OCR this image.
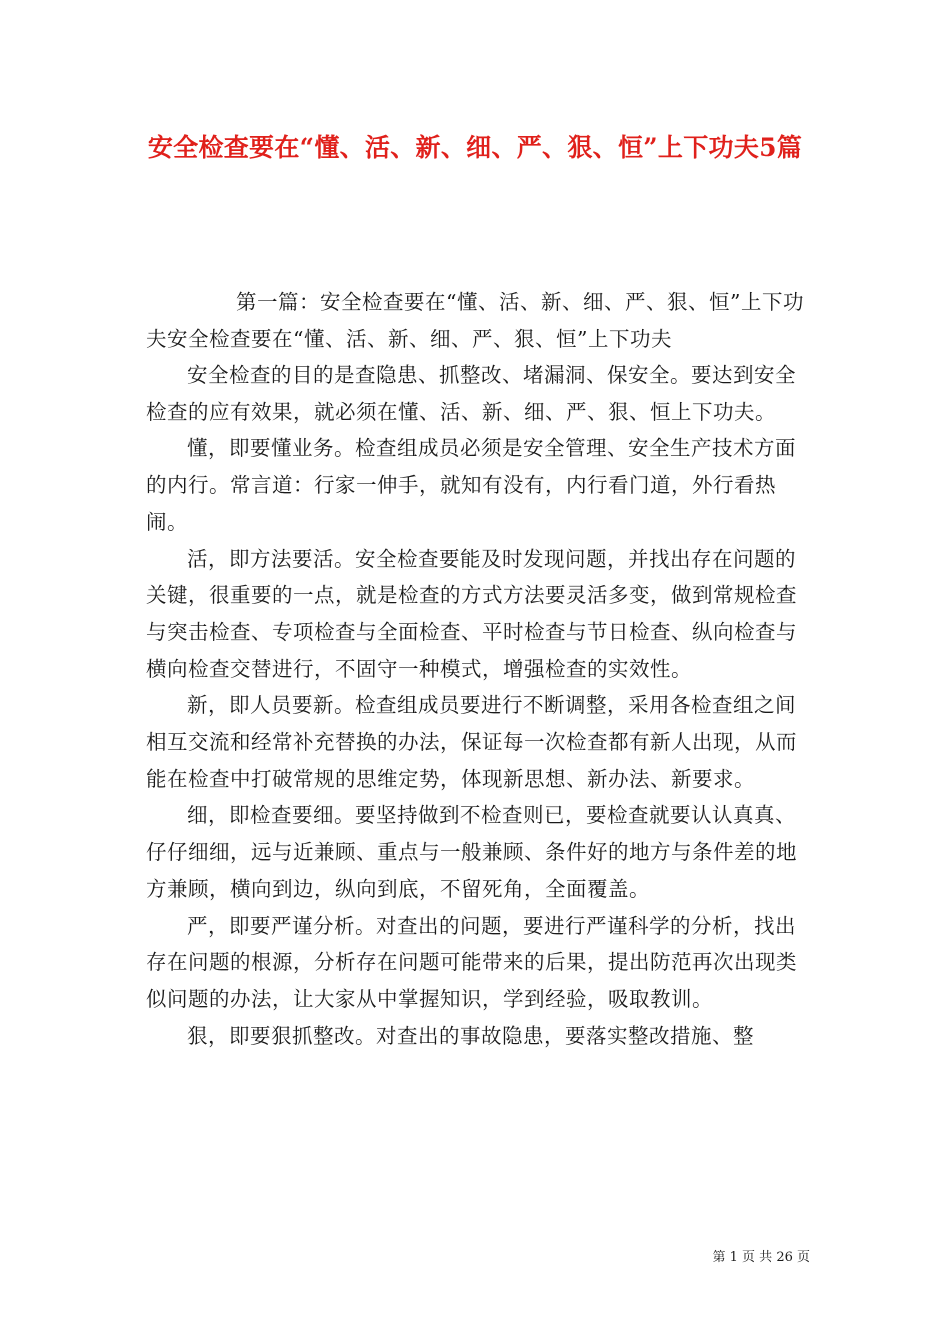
安全检查要在“懂、活、新、细、严、狠、恒”上下功夫5篇

第一篇：安全检查要在“懂、活、新、细、严、狠、恒”上下功夫安全检查要在“懂、活、新、细、严、狠、恒”上下功夫

安全检查的目的是查隐患、抓整改、堵漏洞、保安全。要达到安全检查的应有效果，就必须在懂、活、新、细、严、狠、恒上下功夫。

懂，即要懂业务。检查组成员必须是安全管理、安全生产技术方面的内行。常言道：行家一伸手，就知有没有，内行看门道，外行看热闹。

活，即方法要活。安全检查要能及时发现问题，并找出存在问题的关键，很重要的一点，就是检查的方式方法要灵活多变，做到常规检查与突击检查、专项检查与全面检查、平时检查与节日检查、纵向检查与横向检查交替进行，不固守一种模式，增强检查的实效性。

新，即人员要新。检查组成员要进行不断调整，采用各检查组之间相互交流和经常补充替换的办法，保证每一次检查都有新人出现，从而能在检查中打破常规的思维定势，体现新思想、新办法、新要求。

细，即检查要细。要坚持做到不检查则已，要检查就要认认真真、仔仔细细，远与近兼顾、重点与一般兼顾、条件好的地方与条件差的地方兼顾，横向到边，纵向到底，不留死角，全面覆盖。

严，即要严谨分析。对查出的问题，要进行严谨科学的分析，找出存在问题的根源，分析存在问题可能带来的后果，提出防范再次出现类似问题的办法，让大家从中掌握知识，学到经验，吸取教训。

狠，即要狠抓整改。对查出的事故隐患，要落实整改措施、整

第 1 页 共 26 页
